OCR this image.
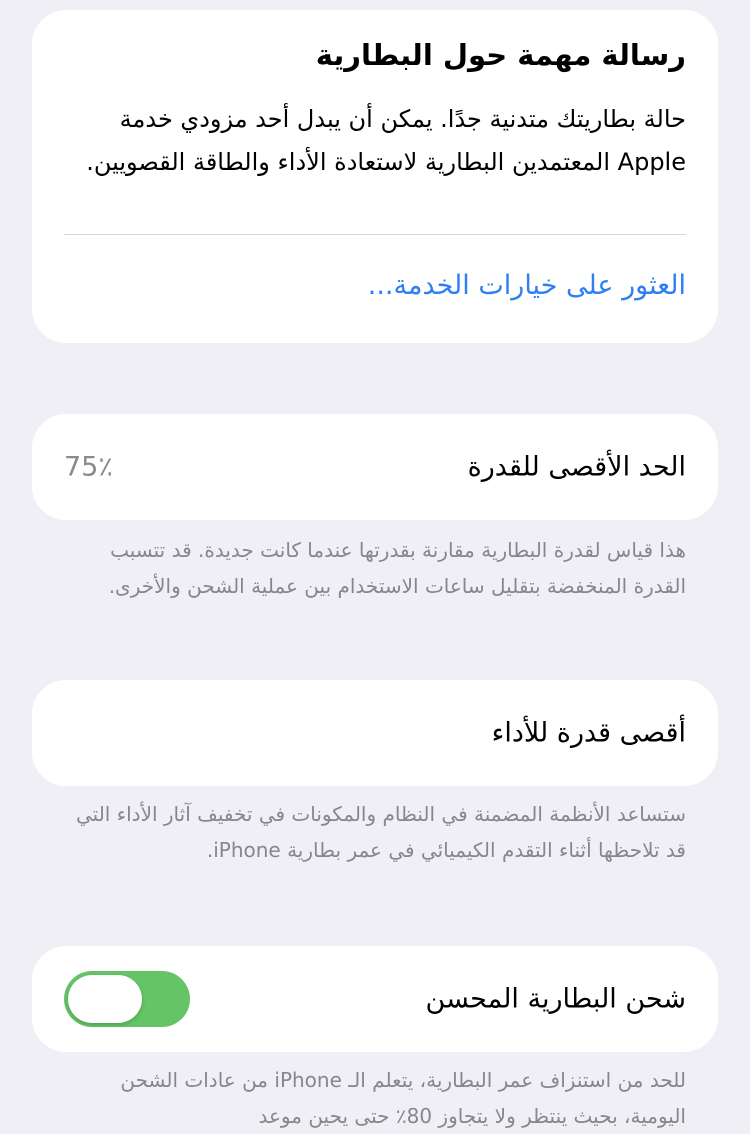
رسالة مهمة حول البطارية

حالة بطاريتك متدنية جدًا. يمكن أن يبدل أحد مزودي خدمة Apple المعتمدين البطارية لاستعادة الأداء والطاقة القصويين.

العثور على خيارات الخدمة...
الحد الأقصى للقدرة
75٪

هذا قياس لقدرة البطارية مقارنة بقدرتها عندما كانت جديدة. قد تتسبب القدرة المنخفضة بتقليل ساعات الاستخدام بين عملية الشحن والأخرى.

أقصى قدرة للأداء

ستساعد الأنظمة المضمنة في النظام والمكونات في تخفيف آثار الأداء التي قد تلاحظها أثناء التقدم الكيميائي في عمر بطارية iPhone.

شحن البطارية المحسن

للحد من استنزاف عمر البطارية، يتعلم الـ iPhone من عادات الشحن اليومية، بحيث ينتظر ولا يتجاوز 80٪ حتى يحين موعد
